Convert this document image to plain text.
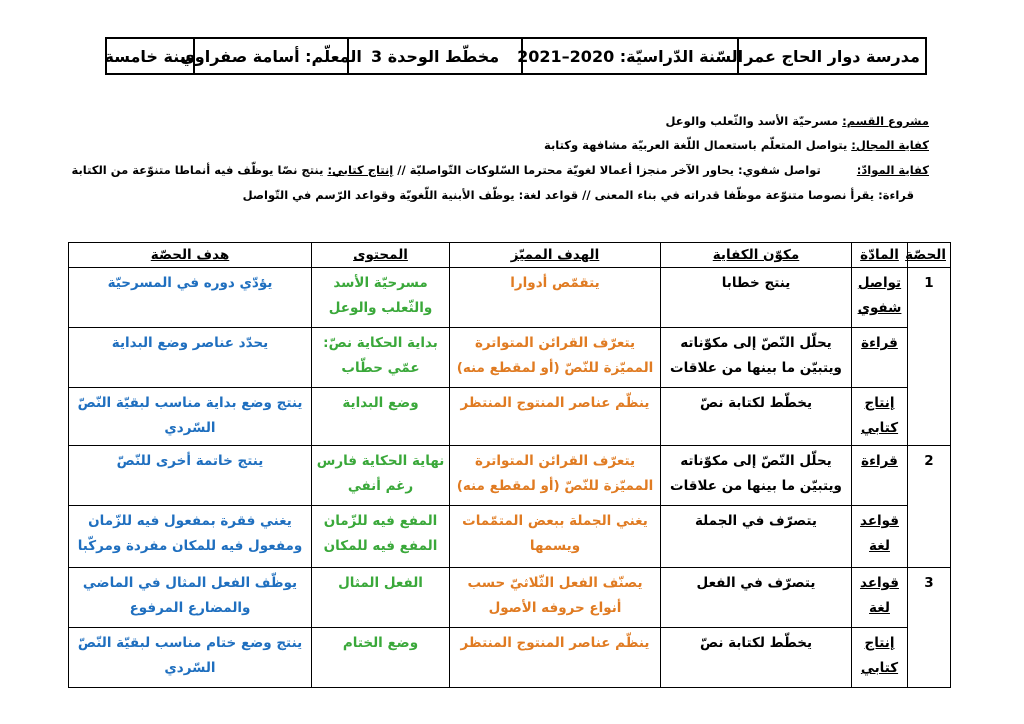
مدرسة دوار الحاج عمر
السّنة الدّراسيّة: 2020–2021
مخطّط الوحدة 3
المعلّم: أسامة صفراوي
سنة خامسة
مشروع القسم: مسرحيّة الأسد والثّعلب والوعل
كفاية المجال: يتواصل المتعلّم باستعمال اللّغة العربيّة مشافهة وكتابة
كفاية الموادّ:  تواصل شفوي: يحاور الآخر منجزا أعمالا لغويّة محترما السّلوكات التّواصليّة // إنتاج كتابي: ينتج نصّا يوظّف فيه أنماطا متنوّعة من الكتابة
قراءة: يقرأ نصوصا متنوّعة موظّفا قدراته في بناء المعنى // قواعد لغة: يوظّف الأبنية اللّغويّة وقواعد الرّسم في التّواصل
الحصّة	المادّة	مكوّن الكفاية	الهدف المميّز	المحتوى	هدف الحصّة
1	تواصل شفوي	ينتج خطابا	يتقمّص أدوارا	مسرحيّة الأسد والثّعلب والوعل	يؤدّي دوره في المسرحيّة
	قراءة	يحلّل النّصّ إلى مكوّناته ويتبيّن ما بينها من علاقات	يتعرّف القرائن المتواترة المميّزة للنّصّ (أو لمقطع منه)	بداية الحكاية نصّ: عمّي حطّاب	يحدّد عناصر وضع البداية
	إنتاج كتابي	يخطّط لكتابة نصّ	ينظّم عناصر المنتوج المنتظر	وضع البداية	ينتج وضع بداية مناسب لبقيّة النّصّ السّردي
2	قراءة	يحلّل النّصّ إلى مكوّناته ويتبيّن ما بينها من علاقات	يتعرّف القرائن المتواترة المميّزة للنّصّ (أو لمقطع منه)	نهاية الحكاية فارس رغم أنفي	ينتج خاتمة أخرى للنّصّ
	قواعد لغة	يتصرّف في الجملة	يغني الجملة ببعض المتمّمات ويسمها	المفع فيه للزّمان المفع فيه للمكان	يغني فقرة بمفعول فيه للزّمان ومفعول فيه للمكان مفردة ومركّبا
3	قواعد لغة	يتصرّف في الفعل	يصنّف الفعل الثّلاثيّ حسب أنواع حروفه الأصول	الفعل المثال	يوظّف الفعل المثال في الماضي والمضارع المرفوع
	إنتاج كتابي	يخطّط لكتابة نصّ	ينظّم عناصر المنتوج المنتظر	وضع الختام	ينتج وضع ختام مناسب لبقيّة النّصّ السّردي
